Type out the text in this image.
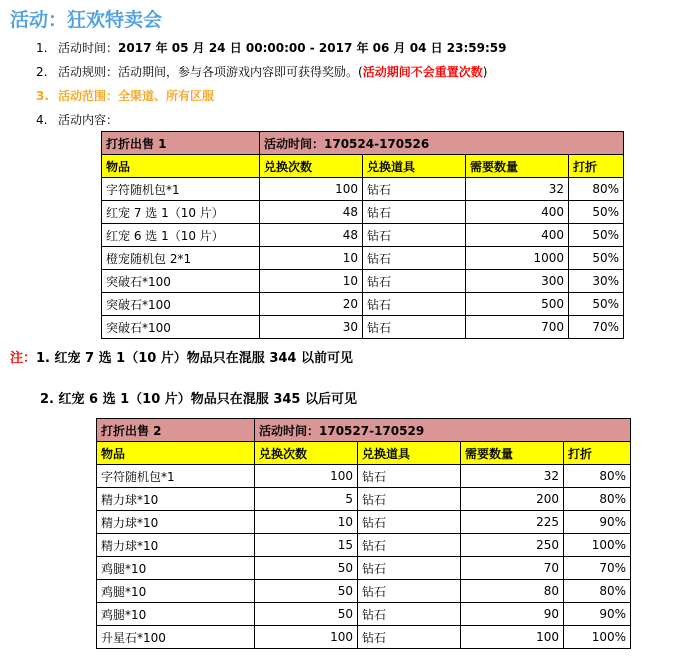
活动：狂欢特卖会
1. 活动时间：2017 年 05 月 24 日 00:00:00 - 2017 年 06 月 04 日 23:59:59
2. 活动规则：活动期间，参与各项游戏内容即可获得奖励。(活动期间不会重置次数)
3. 活动范围：全渠道、所有区服
4. 活动内容：
打折出售 1	活动时间：170524-170526			
物品	兑换次数	兑换道具	需要数量	打折
字符随机包*1	100	钻石	32	80%
红宠 7 选 1（10 片）	48	钻石	400	50%
红宠 6 选 1（10 片）	48	钻石	400	50%
橙宠随机包 2*1	10	钻石	1000	50%
突破石*100	10	钻石	300	30%
突破石*100	20	钻石	500	50%
突破石*100	30	钻石	700	70%
注：1. 红宠 7 选 1（10 片）物品只在混服 344 以前可见
2. 红宠 6 选 1（10 片）物品只在混服 345 以后可见
打折出售 2	活动时间：170527-170529			
物品	兑换次数	兑换道具	需要数量	打折
字符随机包*1	100	钻石	32	80%
精力球*10	5	钻石	200	80%
精力球*10	10	钻石	225	90%
精力球*10	15	钻石	250	100%
鸡腿*10	50	钻石	70	70%
鸡腿*10	50	钻石	80	80%
鸡腿*10	50	钻石	90	90%
升星石*100	100	钻石	100	100%
